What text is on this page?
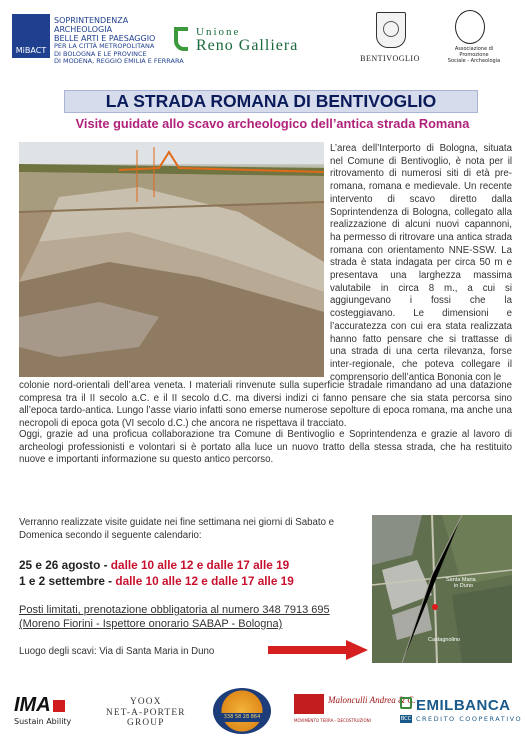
MiBACT
SOPRINTENDENZA
ARCHEOLOGIA
BELLE ARTI E PAESAGGIO
PER LA CITTÀ METROPOLITANA
DI BOLOGNA E LE PROVINCE
DI MODENA, REGGIO EMILIA E FERRARA
Unione
Reno Galliera
BENTIVOGLIO
Associazione di Promozione
Sociale - Archeologia
LA STRADA ROMANA DI BENTIVOGLIO
Visite guidate allo scavo archeologico dell’antica strada Romana
L’area dell’Interporto di Bologna, situata nel Comune di Bentivoglio, è nota per il ritrovamento di numerosi siti di età pre-romana, romana e medievale. Un recente intervento di scavo diretto dalla Soprintendenza di Bologna, collegato alla realizzazione di alcuni nuovi capannoni, ha permesso di ritrovare una antica strada romana con orientamento NNE-SSW. La strada è stata indagata per circa 50 m e presentava una larghezza massima valutabile in circa 8 m., a cui si aggiungevano i fossi che la costeggiavano. Le dimensioni e l’accuratezza con cui era stata realizzata hanno fatto pensare che si trattasse di una strada di una certa rilevanza, forse inter-regionale, che poteva collegare il comprensorio dell’antica Bononia con le
colonie nord-orientali dell’area veneta. I materiali rinvenute sulla superficie stradale rimandano ad una datazione compresa tra il II secolo a.C. e il II secolo d.C. ma diversi indizi ci fanno pensare che sia stata percorsa sino all’epoca tardo-antica. Lungo l’asse viario infatti sono emerse numerose sepolture di epoca romana, ma anche una necropoli di epoca gota (VI secolo d.C.) che ancora ne rispettava il tracciato.
Oggi, grazie ad una proficua collaborazione tra Comune di Bentivoglio e Soprintendenza e grazie al lavoro di archeologi professionisti e volontari si è portato alla luce un nuovo tratto della stessa strada, che ha restituito nuove e importanti informazione su questo antico percorso.
Verranno realizzate visite guidate nei fine settimana nei giorni di Sabato e Domenica secondo il seguente calendario:
25 e 26 agosto - dalle 10 alle 12 e dalle 17 alle 19
1 e 2 settembre - dalle 10 alle 12 e dalle 17 alle 19
Posti limitati, prenotazione obbligatoria al numero 348 7913 695
(Moreno Fiorini - Ispettore onorario SABAP - Bologna)
Luogo degli scavi: Via di Santa Maria in Duno
Santa Maria
in Duno
Castagnolino
IMA
Sustain Ability
YOOX
NET-A-PORTER
GROUP
338 58 28 864
Malonculli Andrea & C.
MOVIMENTO TERRA - DECOSTRUZIONI
EMILBANCA
BCC CREDITO COOPERATIVO
